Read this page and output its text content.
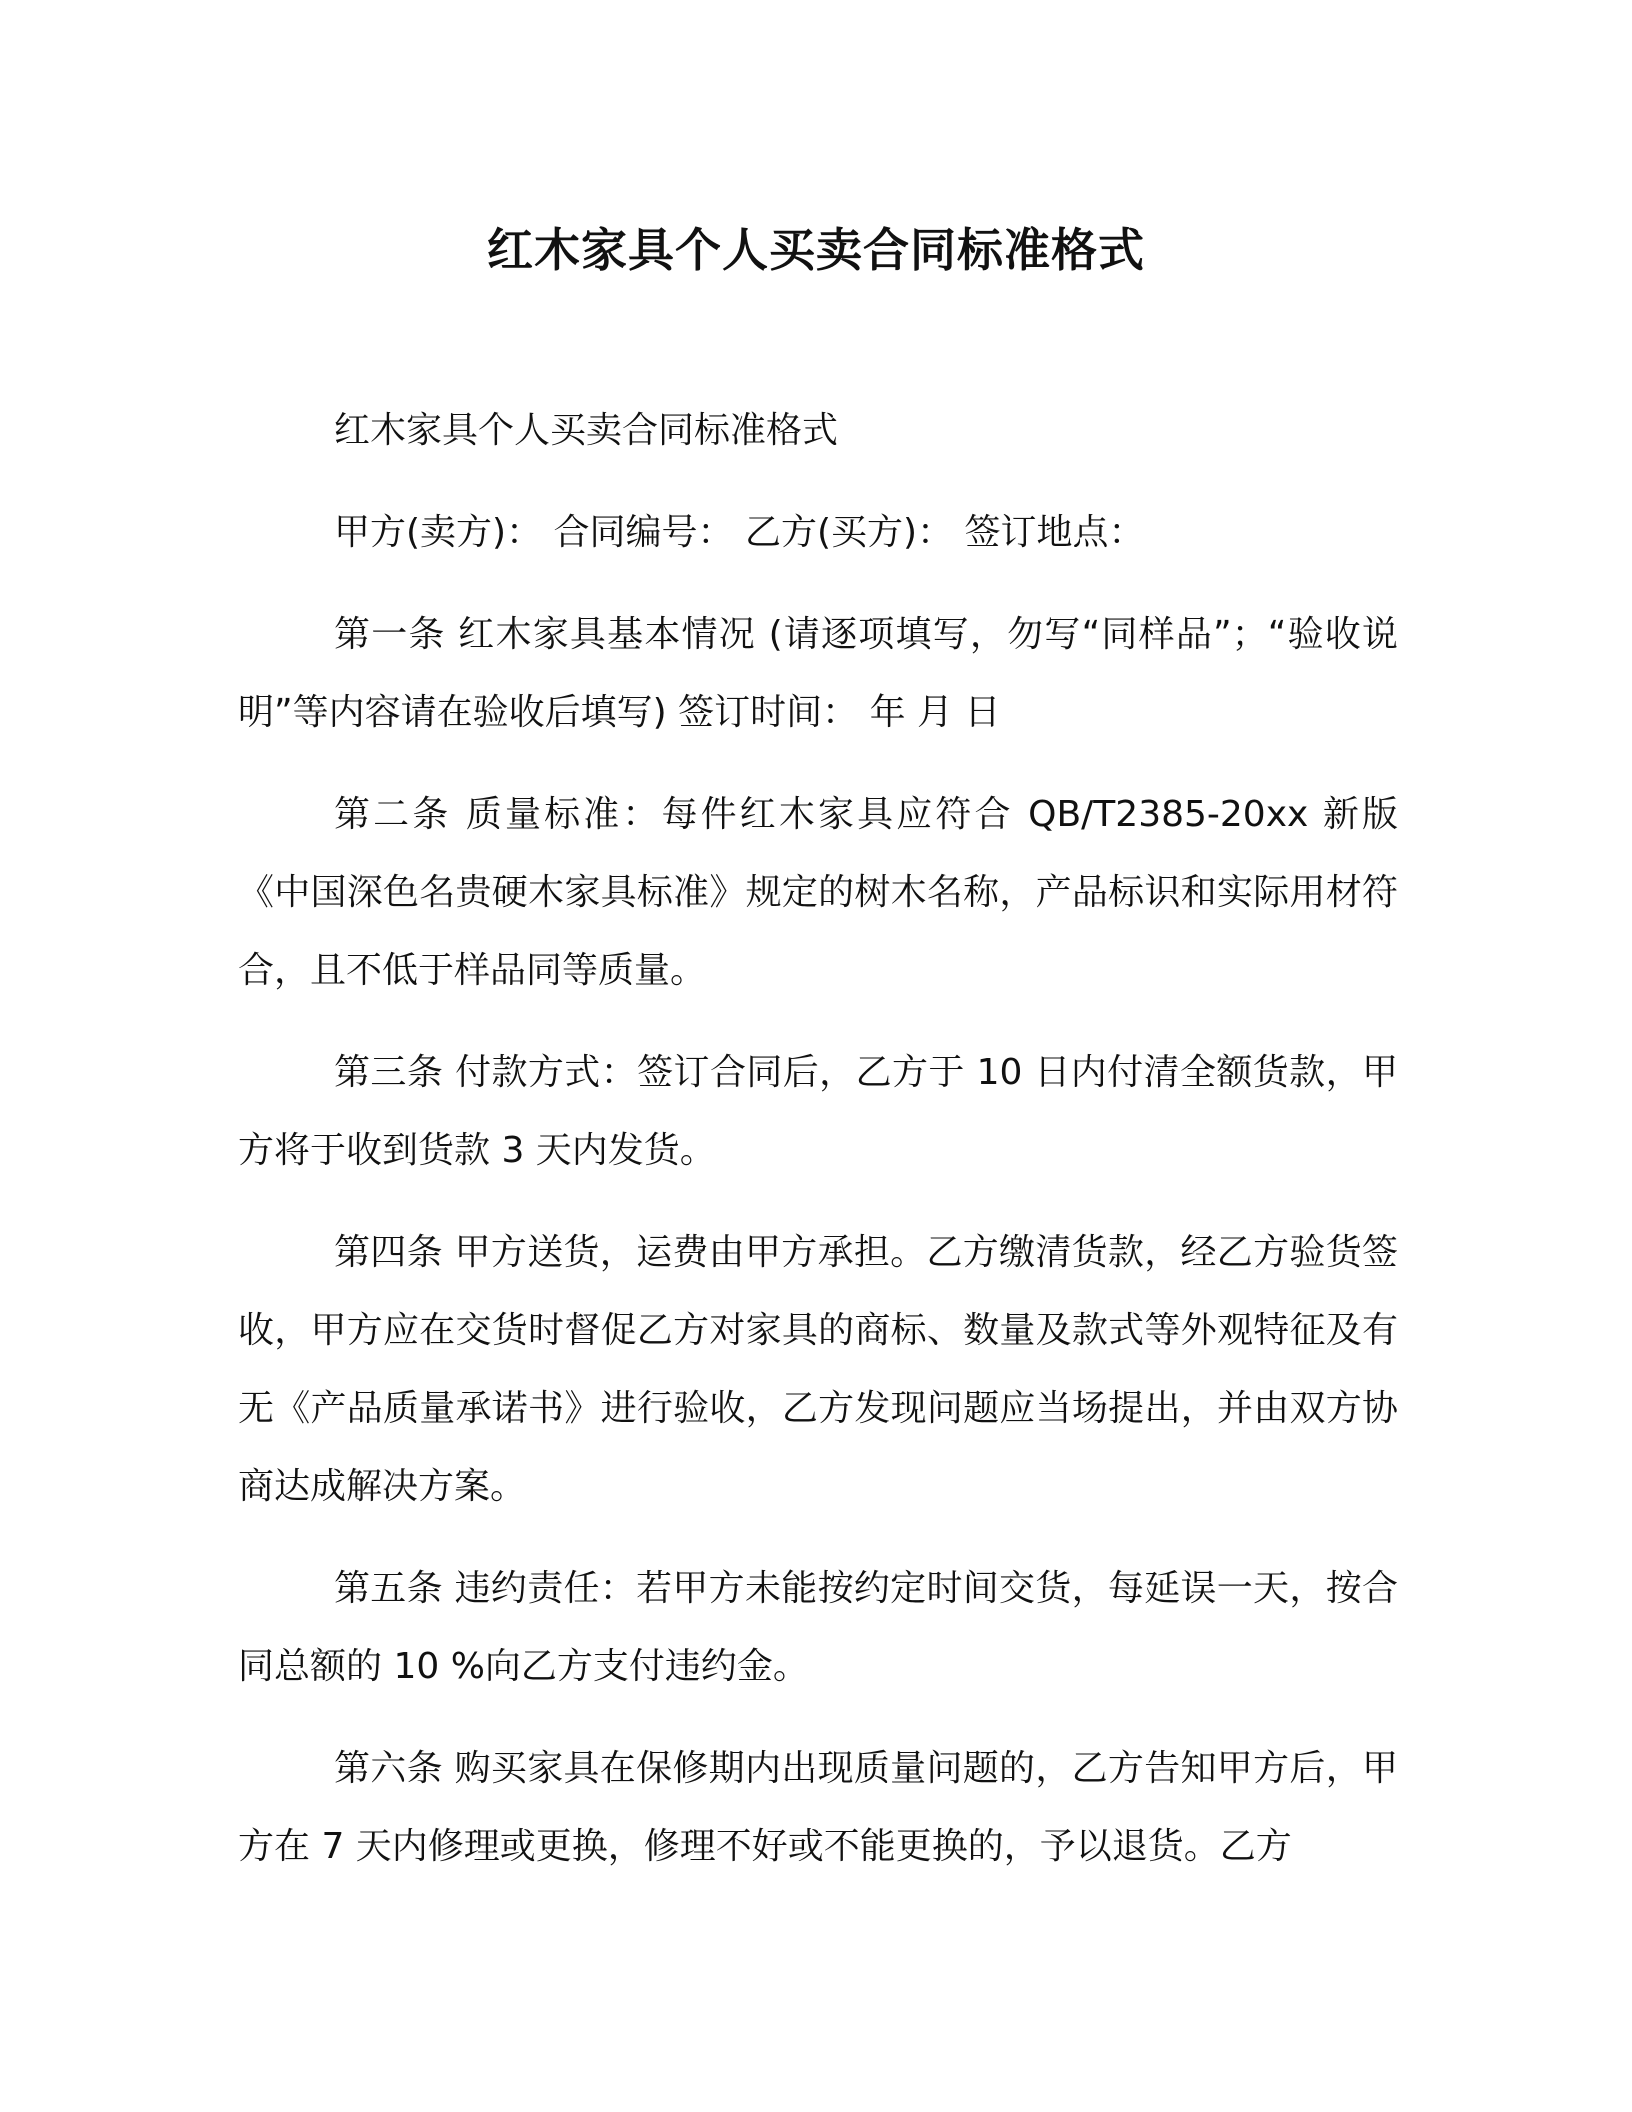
红木家具个人买卖合同标准格式

红木家具个人买卖合同标准格式

甲方(卖方)： 合同编号： 乙方(买方)： 签订地点：

第一条 红木家具基本情况 (请逐项填写，勿写“同样品”；“验收说明”等内容请在验收后填写) 签订时间： 年 月 日

第二条 质量标准：每件红木家具应符合 QB/T2385-20xx 新版《中国深色名贵硬木家具标准》规定的树木名称，产品标识和实际用材符合，且不低于样品同等质量。

第三条 付款方式：签订合同后，乙方于 10 日内付清全额货款，甲方将于收到货款 3 天内发货。

第四条 甲方送货，运费由甲方承担。乙方缴清货款，经乙方验货签收，甲方应在交货时督促乙方对家具的商标、数量及款式等外观特征及有无《产品质量承诺书》进行验收，乙方发现问题应当场提出，并由双方协商达成解决方案。

第五条 违约责任：若甲方未能按约定时间交货，每延误一天，按合同总额的 10 %向乙方支付违约金。

第六条 购买家具在保修期内出现质量问题的，乙方告知甲方后，甲方在 7 天内修理或更换，修理不好或不能更换的，予以退货。乙方
